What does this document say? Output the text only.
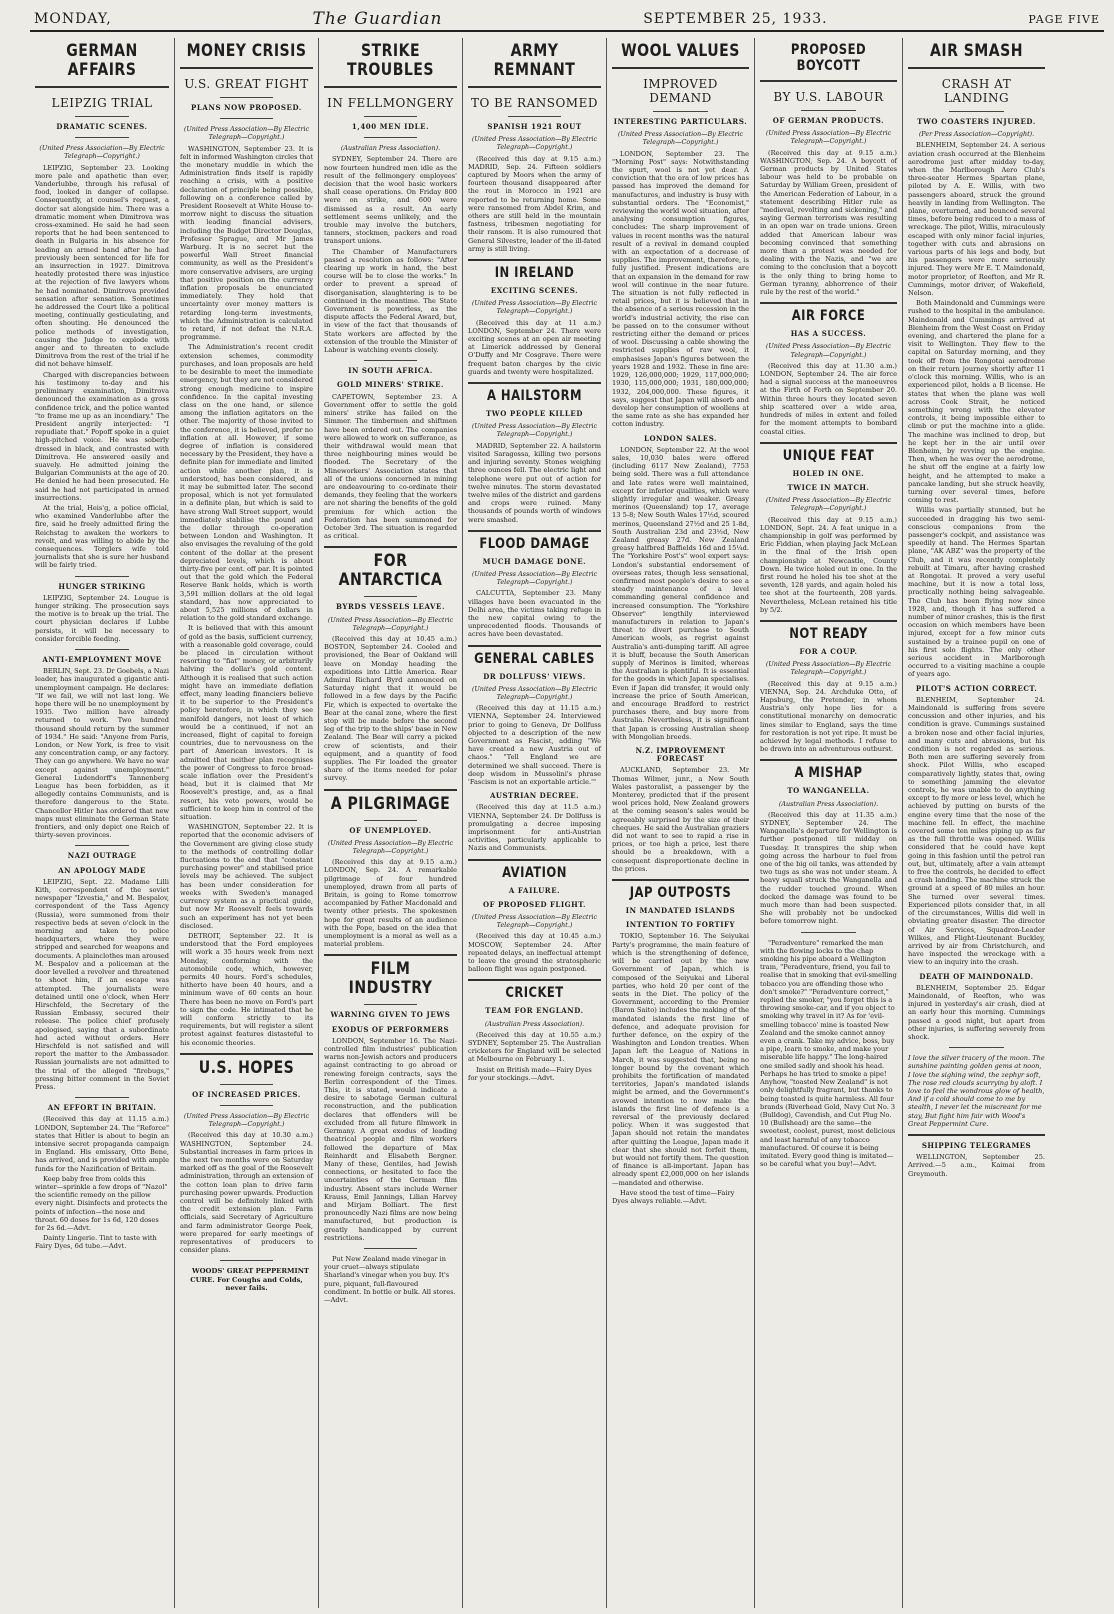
MONDAY,	The Guardian	SEPTEMBER 25, 1933.	PAGE FIVE
GERMAN AFFAIRS
LEIPZIG TRIAL
DRAMATIC SCENES.
(United Press Association—By Electric Telegraph—Copyright.)

LEIPZIG, September 23. Looking more pale and apathetic than ever, Vanderlubbe, through his refusal of food, looked in danger of collapse. Consequently, at counsel's request, a doctor sat alongside him. There was a dramatic moment when Dimitrova was cross-examined. He said he had seen reports that he had been sentenced to death in Bulgaria in his absence for leading an armed band after he had previously been sentenced for life for an insurrection in 1927. Dimitrova heatedly protested there was injustice at the rejection of five lawyers whom he had nominated. Dimitrova provided sensation after sensation. Sometimes he addressed the Court like a political meeting, continually gesticulating, and often shouting. He denounced the police methods of investigation, causing the Judge to explode with anger and to threaten to exclude Dimitrova from the rest of the trial if he did not behave himself.

Charged with discrepancies between his testimony to-day and his preliminary examination, Dimitrova denounced the examination as a gross confidence trick, and the police wanted "to frame me up as an incendiary." The President angrily interjected: "I repudiate that." Popoff spoke in a quiet high-pitched voice. He was soberly dressed in black, and contrasted with Dimitrova. He answered easily and suavely. He admitted joining the Bulgarian Communists at the age of 20. He denied he had been prosecuted. He said he had not participated in armed insurrections.

At the trial, Heis'g, a police official, who examined Vanderlubbe after the fire, said he freely admitted firing the Reichstag to awaken the workers to revolt, and was willing to abide by the consequences. Torglers wife told journalists that she is sure her husband will be fairly tried.

HUNGER STRIKING

LEIPZIG, September 24. Lougue is hunger striking. The prosecution says the motive is to break up the trial. The court physician declares if Lubbe persists, it will be necessary to consider forcible feeding.

ANTI-EMPLOYMENT MOVE

BERLIN, Sept. 23. Dr Goebels, a Nazi leader, has inaugurated a gigantic anti-unemployment campaign. He declares: "If we fail, we will not last long. We hope there will be no unemployment by 1935. Two million have already returned to work. Two hundred thousand should return by the summer of 1934." He said: "Anyone from Paris, London, or New York, is free to visit any concentration camp, or any factory. They can go anywhere. We have no war except against unemployment." General Ludendorff's Tannenberg League has been forbidden, as it allegedly contains Communists, and is therefore dangerous to the State. Chancellor Hitler has ordered that new maps must eliminate the German State frontiers, and only depict one Reich of thirty-seven provinces.

NAZI OUTRAGE
AN APOLOGY MADE

LEIPZIG, Sept. 22. Madame Lilli Kith, correspondent of the soviet newspaper "Izvestia," and M. Bespalov, correspondent of the Tass Agency (Russia), were summoned from their respective beds at seven o'clock in the morning and taken to police headquarters, where they were stripped and searched for weapons and documents. A plainclothes man aroused M. Bespalov and a policeman at the door levelled a revolver and threatened to shoot him, if an escape was attempted. The journalists were detained until one o'clock, when Herr Hirschfeld, the Secretary of the Russian Embassy, secured their release. The police chief profusely apologised, saying that a subordinate had acted without orders. Herr Hirschfeld is not satisfied and will report the matter to the Ambassador. Russian journalists are not admitted to the trial of the alleged "firebugs," pressing bitter comment in the Soviet Press.

AN EFFORT IN BRITAIN.

(Received this day at 11.15 a.m.) LONDON, September 24. The "Reforce" states that Hitler is about to begin an intensive secret propaganda campaign in England. His emissary, Otto Bene, has arrived, and is provided with ample funds for the Nazification of Britain.

Keep baby free from colds this winter—sprinkle a few drops of "Nazol" the scientific remedy on the pillow every night. Disinfects and protects the points of infection—the nose and throat. 60 doses for 1s 6d, 120 doses for 2s 6d.—Advt.

Dainty Lingerie. Tint to taste with Fairy Dyes, 6d tube.—Advt.

MONEY CRISIS
U.S. GREAT FIGHT
PLANS NOW PROPOSED.
(United Press Association—By Electric Telegraph—Copyright.)

WASHINGTON, September 23. It is felt in informed Washington circles that the monetary muddle in which the Administration finds itself is rapidly reaching a crisis, with a positive declaration of principle being possible, following on a conference called by President Roosevelt at White House to-morrow night to discuss the situation with leading financial advisers, including the Budget Director Douglas, Professor Sprague, and Mr James Warburg. It is no secret but the powerful Wall Street financial community, as well as the President's more conservative advisers, are urging that positive position on the currency inflation proposals be enunciated immediately. They hold that uncertainty over money matters is retarding long-term investments, which the Administration is calculated to retard, if not defeat the N.R.A. programme.

The Administration's recent credit extension schemes, commodity purchases, and loan proposals are held to be desirable to meet the immediate emergency, but they are not considered strong enough medicine to inspire confidence. In the capital investing class on the one hand, or silence among the inflation agitators on the other. The majority of those invited to the conference, it is believed, prefer no inflation at all. However, if some degree of inflation is considered necessary by the President, they have a definite plan for immediate and limited action while another plan, it is understood, has been considered, and it may be submitted later. The second proposal, which is not yet formulated in a definite plan, but which is said to have strong Wall Street support, would immediately stabilise the pound and the dollar through co-operation between London and Washington. It also envisages the revaluing of the gold content of the dollar at the present depreciated levels, which is about thirty-five per cent. off par. It is pointed out that the gold which the Federal Reserve Bank holds, which is worth 3,591 million dollars at the old legal standard, has now appreciated to about 5,525 millions of dollars in relation to the gold standard exchange.

It is believed that with this amount of gold as the basis, sufficient currency, with a reasonable gold coverage, could be placed in circulation without resorting to "fiat" money, or arbitrarily halving the dollar's gold content. Although it is realised that such action might have an immediate deflation effect, many leading financiers believe it to be superior to the President's policy heretofore, in which they see manifold dangers, not least of which would be a continued, if not an increased, flight of capital to foreign countries, due to nervousness on the part of American investors. It is admitted that neither plan recognises the power of Congress to force broad-scale inflation over the President's head, but it is claimed that Mr Roosevelt's prestige, and, as a final resort, his veto powers, would be sufficient to keep him in control of the situation.

WASHINGTON, September 22. It is reported that the economic advisers of the Government are giving close study to the methods of controlling dollar fluctuations to the end that "constant purchasing power" and stabilised price levels may be achieved. The subject has been under consideration for weeks with Sweden's managed currency system as a practical guide, but now Mr Roosevelt feels towards such an experiment has not yet been disclosed.

DETROIT, September 22. It is understood that the Ford employees will work a 35 hours week from next Monday, conforming with the automobile code, which, however, permits 40 hours. Ford's schedules, hitherto have been 40 hours, and a minimum wave of 60 cents an hour. There has been no move on Ford's part to sign the code. He intimated that he will conform strictly to its requirements, but will register a silent protest against features distasteful to his economic theories.

U.S. HOPES
OF INCREASED PRICES.
(United Press Association—By Electric Telegraph—Copyright.)

(Received this day at 10.30 a.m.) WASHINGTON, September 24. Substantial increases in farm prices in the next two months were on Saturday marked off as the goal of the Roosevelt administration, through an extension of the cotton loan plan to drive farm purchasing power upwards. Production control will be definitely linked with the credit extension plan. Farm officials, said Secretary of Agriculture and farm administrator George Peek, were prepared for early meetings of representatives of producers to consider plans.

WOODS' GREAT PEPPERMINT CURE. For Coughs and Colds, never fails.

STRIKE TROUBLES
IN FELLMONGERY
1,400 MEN IDLE.
(Australian Press Association).

SYDNEY, September 24. There are now fourteen hundred men idle as the result of the fellmongery employees' decision that the wool basic workers shall cease operations. On Friday 800 were on strike, and 600 were dismissed as a result. An early settlement seems unlikely, and the trouble may involve the butchers, tanners, stockmen, packers and road transport unions.

The Chamber of Manufacturers passed a resolution as follows: "After clearing up work in hand, the best course will be to close the works." In order to prevent a spread of disorganisation, slaughtering is to be continued in the meantime. The State Government is powerless, as the dispute affects the Federal Award, but, in view of the fact that thousands of State workers are affected by the extension of the trouble the Minister of Labour is watching events closely.

IN SOUTH AFRICA.
GOLD MINERS' STRIKE.

CAPETOWN, September 23. A Government offer to settle the gold miners' strike has failed on the Simmer. The timbermen and shiftmen have been ordered out. The companies were allowed to work on sufferance, as their withdrawal would mean that three neighbouring mines would be flooded. The Secretary of the Mineworkers' Association states that all of the unions concerned in mining are endeavouring to co-ordinate their demands, they feeling that the workers are not sharing the benefits of the gold premium for which action the Federation has been summoned for October 3rd. The situation is regarded as critical.

FOR ANTARCTICA
BYRDS VESSELS LEAVE.
(United Press Association—By Electric Telegraph—Copyright.)

(Received this day at 10.45 a.m.) BOSTON, September 24. Cooled and provisioned, the Bear of Oakland will leave on Monday heading the expeditions into Little America. Rear Admiral Richard Byrd announced on Saturday night that it would be followed in a few days by the Pacific Fir, which is expected to overtake the Bear at the canal zone, where the first stop will be made before the second leg of the trip to the ships' base in New Zealand. The Bear will carry a picked crew of scientists, and their equipment, and a quantity of food supplies. The Fir loaded the greater share of the items needed for polar survey.

A PILGRIMAGE
OF UNEMPLOYED.
(United Press Association—By Electric Telegraph—Copyright.)

(Received this day at 9.15 a.m.) LONDON, Sep. 24. A remarkable pilgrimage of four hundred unemployed, drawn from all parts of Britain, is going to Rome tomorrow accompanied by Father Macdonald and twenty other priests. The spokesmen hope for great results of an audience with the Pope, based on the idea that unemployment is a moral as well as a material problem.

FILM INDUSTRY
WARNING GIVEN TO JEWS
EXODUS OF PERFORMERS

LONDON, September 16. The Nazi-controlled film industries' publication warns non-Jewish actors and producers against contracting to go abroad or renewing foreign contracts, says the Berlin correspondent of the Times. This, it is stated, would indicate a desire to sabotage German cultural reconstruction, and the publication declares that offenders will be excluded from all future filmwork in Germany. A great exodus of leading theatrical people and film workers followed the departure of Max Reinhardt and Elisabeth Bergner. Many of these, Gentiles, had Jewish connections, or hesitated to face the uncertainties of the German film industry. Absent stars include Werner Krauss, Emil Jannings, Lilian Harvey and Mirjam Bolliart. The first pronouncedly Nazi films are now being manufactured, but production is greatly handicapped by current restrictions.

Put New Zealand made vinegar in your cruet—always stipulate Sharland's vinegar when you buy. It's pure, piquant, full-flavoured condiment. In bottle or bulk. All stores. —Advt.

ARMY REMNANT
TO BE RANSOMED
SPANISH 1921 ROUT
(United Press Association—By Electric Telegraph—Copyright.)

(Received this day at 9.15 a.m.) MADRID, Sep. 24. Fifteen soldiers captured by Moors when the army of fourteen thousand disappeared after the rout in Morocco in 1921 are reported to be returning home. Some were ransomed from Abdel Krim, and others are still held in the mountain fastness, tribesmen negotiating for their ransom. It is also rumoured that General Silvestre, leader of the ill-fated army is still living.

IN IRELAND
EXCITING SCENES.
(United Press Association—By Electric Telegraph—Copyright.)

(Received this day at 11 a.m.) LONDON, September 24. There were exciting scenes at an open air meeting at Limerick addressed by General O'Duffy and Mr Cosgrave. There were frequent baton charges by the civic guards and twenty were hospitalized.

A HAILSTORM
TWO PEOPLE KILLED
(United Press Association—By Electric Telegraph—Copyright.)

MADRID, September 22. A hailstorm visited Saragossa, killing two persons and injuring seventy. Stones weighing three ounces fell. The electric light and telephone were put out of action for twelve minutes. The storm devastated twelve miles of the district and gardens and crops were ruined. Many thousands of pounds worth of windows were smashed.

FLOOD DAMAGE
MUCH DAMAGE DONE.
(United Press Association—By Electric Telegraph—Copyright.)

CALCUTTA, September 23. Many villages have been evacuated in the Delhi area, the victims taking refuge in the new capital owing to the unprecedented floods. Thousands of acres have been devastated.

GENERAL CABLES
DR DOLLFUSS' VIEWS.
(United Press Association—By Electric Telegraph—Copyright.)

(Received this day at 11.15 a.m.) VIENNA, September 24. Interviewed prior to going to Geneva, Dr Dollfuss objected to a description of the new Government as Fascist, adding "We have created a new Austria out of chaos." "Tell England we are determined we shall succeed. There is deep wisdom in Mussolini's phrase 'Fascism is not an exportable article.'"

AUSTRIAN DECREE.

(Received this day at 11.5 a.m.) VIENNA, September 24. Dr Dollfuss is promulgating a decree imposing imprisonment for anti-Austrian activities, particularly applicable to Nazis and Communists.

AVIATION
A FAILURE.
OF PROPOSED FLIGHT.
(United Press Association—By Electric Telegraph—Copyright.)

(Received this day at 10.45 a.m.) MOSCOW, September 24. After repeated delays, an ineffectual attempt to leave the ground the stratospheric balloon flight was again postponed.

CRICKET
TEAM FOR ENGLAND.
(Australian Press Association).

(Received this day at 10.55 a.m.) SYDNEY, September 25. The Australian cricketers for England will be selected at Melbourne on February 1.

Insist on British made—Fairy Dyes for your stockings.—Advt.

WOOL VALUES
IMPROVED DEMAND
INTERESTING PARTICULARS.
(United Press Association—By Electric Telegraph—Copyright.)

LONDON, September 23. The "Morning Post" says: Notwithstanding the spurt, wool is not yet dear. A conviction that the era of low prices has passed has improved the demand for manufactures, and industry is busy with substantial orders. The "Economist," reviewing the world wool situation, after analysing consumption figures, concludes: The sharp improvement of values in recent months was the natural result of a revival in demand coupled with an expectation of a decrease of supplies. The improvement, therefore, is fully justified. Present indications are that an expansion in the demand for raw wool will continue in the near future. The situation is not fully reflected in retail prices, but it is believed that in the absence of a serious recession in the world's industrial activity, the rise can be passed on to the consumer without restricting either the demand or prices of wool. Discussing a cable showing the restricted supplies of raw wool, it emphasises Japan's figures between the years 1928 and 1932. These in fine are: 1929, 126,000,000; 1929, 117,000,000; 1930, 115,000,000; 1931, 180,000,000; 1932, 204,000,000. These figures, it says, suggest that Japan will absorb and develop her consumption of woollens at the same rate as she has expanded her cotton industry.

LONDON SALES.

LONDON, September 22. At the wool sales, 10,030 bales were offered (including 6117 New Zealand), 7753 being sold. There was a full attendance and late rates were well maintained, except for inferior qualities, which were slightly irregular and weaker. Greasy merinos (Queensland) top 17, average 13 5-8; New South Wales 17½d, scoured merinos, Queensland 27½d and 25 1-8d, South Australian 23d and 23½d, New Zealand greasy 27d. New Zealand greasy halfbred Baffields 16d and 15¼d. The "Yorkshire Post's" wool expert says: London's substantial endorsement of overseas rates, though less sensational, confirmed most people's desire to see a steady maintenance of a level commanding general confidence and increased consumption. The "Yorkshire Observer" lengthily interviewed manufacturers in relation to Japan's threat to divert purchase to South American wools, as regrist against Australia's anti-dumping tariff. All agree it is bluff, because the South American supply of Merinos is limited, whereas the Australian is plentiful. It is essential for the goods in which Japan specialises. Even if Japan did transfer, it would only increase the price of South American, and encourage Bradford to restrict purchases there, and buy more from Australia. Nevertheless, it is significant that Japan is crossing Australian sheep with Mongolian breeds.

N.Z. IMPROVEMENT FORECAST

AUCKLAND, September 23. Mr Thomas Wilmer, junr., a New South Wales pastoralist, a passenger by the Monterey, predicted that if the present wool prices hold, New Zealand growers at the coming season's sales would be agreeably surprised by the size of their cheques. He said the Australian graziers did not want to see to rapid a rise in prices, or too high a price, lest there should be a breakdown, with a consequent disproportionate decline in the prices.

JAP OUTPOSTS
IN MANDATED ISLANDS
INTENTION TO FORTIFY

TOKIO, September 16. The Seiyukai Party's programme, the main feature of which is the strengthening of defence, will be carried out by the new Government of Japan, which is composed of the Seiyukai and Liberal parties, who hold 20 per cent of the seats in the Diet. The policy of the Government, according to the Premier (Baron Saito) includes the making of the mandated islands the first line of defence, and adequate provision for further defence, on the expiry of the Washington and London treaties. When Japan left the League of Nations in March, it was suggested that, being no longer bound by the covenant which prohibits the fortification of mandated territories, Japan's mandated islands might be armed, and the Government's avowed intention to now make the islands the first line of defence is a reversal of the previously declared policy. When it was suggested that Japan should not retain the mandates after quitting the League, Japan made it clear that she should not forfeit them, but would not fortify them. The question of finance is all-important. Japan has already spent £2,000,000 on her islands—mandated and otherwise.

Have stood the test of time—Fairy Dyes always reliable.—Advt.

PROPOSED BOYCOTT
BY U.S. LABOUR
OF GERMAN PRODUCTS.
(United Press Association—By Electric Telegraph—Copyright.)

(Received this day at 9.15 a.m.) WASHINGTON, Sep. 24. A boycott of German products by United States labour was held to be probable on Saturday by William Green, president of the American Federation of Labour, in a statement describing Hitler rule as "medieval, revolting and sickening," and saying German terrorism was resulting in an open war on trade unions. Green added that American labour was becoming convinced that something more than a protest was needed for dealing with the Nazis, and "we are coming to the conclusion that a boycott is the only thing to bring home to German tyranny, abhorrence of their rule by the rest of the world."

AIR FORCE
HAS A SUCCESS.
(United Press Association—By Electric Telegraph—Copyright.)

(Received this day at 11.30 a.m.) LONDON, September 24. The air force had a signal success at the manoeuvres at the Firth of Forth on September 20. Within three hours they located seven ship scattered over a wide area, hundreds of miles in extent and foiled for the moment attempts to bombard coastal cities.

UNIQUE FEAT
HOLED IN ONE.
TWICE IN MATCH.
(United Press Association—By Electric Telegraph—Copyright.)

(Received this day at 9.15 a.m.) LONDON, Sept. 24. A feat unique in a championship in golf was performed by Eric Fiddian, when playing Jack McLean in the final of the Irish open championship at Newcastle, County Down. He twice holed out in one. In the first round he holed his tee shot at the seventh, 128 yards, and again holed his tee shot at the fourteenth, 208 yards. Nevertheless, McLean retained his title by 5/2.

NOT READY
FOR A COUP.
(United Press Association—By Electric Telegraph—Copyright.)

(Received this day at 9.15 a.m.) VIENNA, Sep. 24. Archduke Otto, of Hapsburg, the Pretender, in whom Austria's only hope lies for a constitutional monarchy on democratic lines similar to England, says the time for restoration is not yet ripe. It must be achieved by legal methods. I refuse to be drawn into an adventurous outburst.

A MISHAP
TO WANGANELLA.
(Australian Press Association).

(Received this day at 11.35 a.m.) SYDNEY, September 24. The Wanganella's departure for Wellington is further postponed till midday on Tuesday. It transpires the ship when going across the harbour to fuel from one of the big oil tanks, was attended by two tugs as she was not under steam. A heavy squall struck the Wanganella and the rudder touched ground. When docked the damage was found to be much more than had been suspected. She will probably not be undocked before tomorrow night.

"Peradventure" remarked the man with the flowing locks to the chap smoking his pipe aboard a Wellington tram, "Peradventure, friend, you fail to realise that in smoking that evil-smelling tobacco you are offending those who don't smoke?" "Peradventure correct," replied the smoker, "you forget this is a throwing smoke-car, and if you object to smoking why travel in it? As for 'evil-smelling tobacco' mine is toasted New Zealand and the smoke cannot annoy even a crank. Take my advice, boss, buy a pipe, learn to smoke, and make your miserable life happy." The long-haired one smiled sadly and shook his head. Perhaps he has tried to smoke a pipe! Anyhow, "toasted New Zealand" is not only delightfully fragrant, but thanks to being toasted is quite harmless. All four brands (Riverhead Gold, Navy Cut No. 3 (Bulldog), Cavendish, and Cut Plug No. 10 (Bullshead) are the same—the sweetest, coolest, purest, most delicious and least harmful of any tobacco manufactured. Of course it is being imitated. Every good thing is imitated—so be careful what you buy!—Advt.

AIR SMASH
CRASH AT LANDING
TWO COASTERS INJURED.
(Per Press Association—Copyright).

BLENHEIM, September 24. A serious aviation crash occurred at the Blenheim aerodrome just after midday to-day, when the Marlborough Aero Club's three-seater Hermes Spartan plane, piloted by A. E. Willis, with two passengers aboard, struck the ground heavily in landing from Wellington. The plane, overturned, and bounced several times, before being reduced to a mass of wreckage. The pilot, Willis, miraculously escaped with only minor facial injuries, together with cuts and abrasions on various parts of his legs and body, but his passengers were more seriously injured. They were Mr E. T. Maindonald, motor proprietor, of Reefton, and Mr R. Cummings, motor driver, of Wakefield, Nelson.

Both Maindonald and Cummings were rushed to the hospital in the ambulance. Maindonald and Cummings arrived at Blenheim from the West Coast on Friday evening, and chartered the plane for a visit to Wellington. They flew to the capital on Saturday morning, and they took off from the Rongotai aerodrome on their return journey shortly after 11 o'clock this morning. Willis, who is an experienced pilot, holds a B license. He states that when the plane was well across Cook Strait, he noticed something wrong with the elevator controls, it being impossible either to climb or put the machine into a glide. The machine was inclined to drop, but he kept her in the air until over Blenheim, by revving up the engine. Then, when he was over the aerodrome, he shut off the engine at a fairly low height, and he attempted to make a pancake landing, but she struck heavily, turning over several times, before coming to rest.

Willis was partially stunned, but he succeeded in dragging his two semi-conscious companions from the passenger's cockpit, and assistance was speedily at hand. The Hermes Spartan plane, "AK ABZ" was the property of the Club, and it was recently completely rebuilt at Timaru, after having crashed at Rongotai. It proved a very useful machine, but it is now a total loss, practically nothing being salvageable. The Club has been flying now since 1928, and, though it has suffered a number of minor crashes, this is the first occasion on which members have been injured, except for a few minor cuts sustained by a trainee pupil on one of his first solo flights. The only other serious accident in Marlborough occurred to a visiting machine a couple of years ago.

PILOT'S ACTION CORRECT.

BLENHEIM, September 24. Maindonald is suffering from severe concussion and other injuries, and his condition is grave. Cummings sustained a broken nose and other facial injuries, and many cuts and abrasions, but his condition is not regarded as serious. Both men are suffering severely from shock. Pilot Willis, who escaped comparatively lightly, states that, owing to something jamming the elevator controls, he was unable to do anything except to fly more or less level, which he achieved by putting on bursts of the engine every time that the nose of the machine fell. In effect, the machine covered some ten miles piping up as far as the full throttle was opened. Willis considered that he could have kept going in this fashion until the petrol ran out, but, ultimately, after a vain attempt to free the controls, he decided to effect a crash landing. The machine struck the ground at a speed of 80 miles an hour. She turned over several times. Experienced pilots consider that, in all of the circumstances, Willis did well in obviating greater disaster. The director of Air Services, Squadron-Leader Wilkes, and Flight-Lieutenant Buckley, arrived by air from Christchurch, and have inspected the wreckage with a view to an inquiry into the crash.

DEATH OF MAINDONALD.

BLENHEIM, September 25. Edgar Maindonald, of Reefton, who was injured in yesterday's air crash, died at an early hour this morning. Cummings passed a good night, but apart from other injuries, is suffering severely from shock.

I love the silver tracery of the moon. The sunshine painting golden gems at noon, I love the sighing wind, the zephyr soft, The rose red clouds scurrying by aloft. I love to feel the wondrous glow of health, And if a cold should come to me by stealth, I never let the miscreant for me stay, But fight him fair with Wood's Great Peppermint Cure.

SHIPPING TELEGRAMES

WELLINGTON, September 25. Arrived.—5 a.m., Kaimai from Greymouth.
